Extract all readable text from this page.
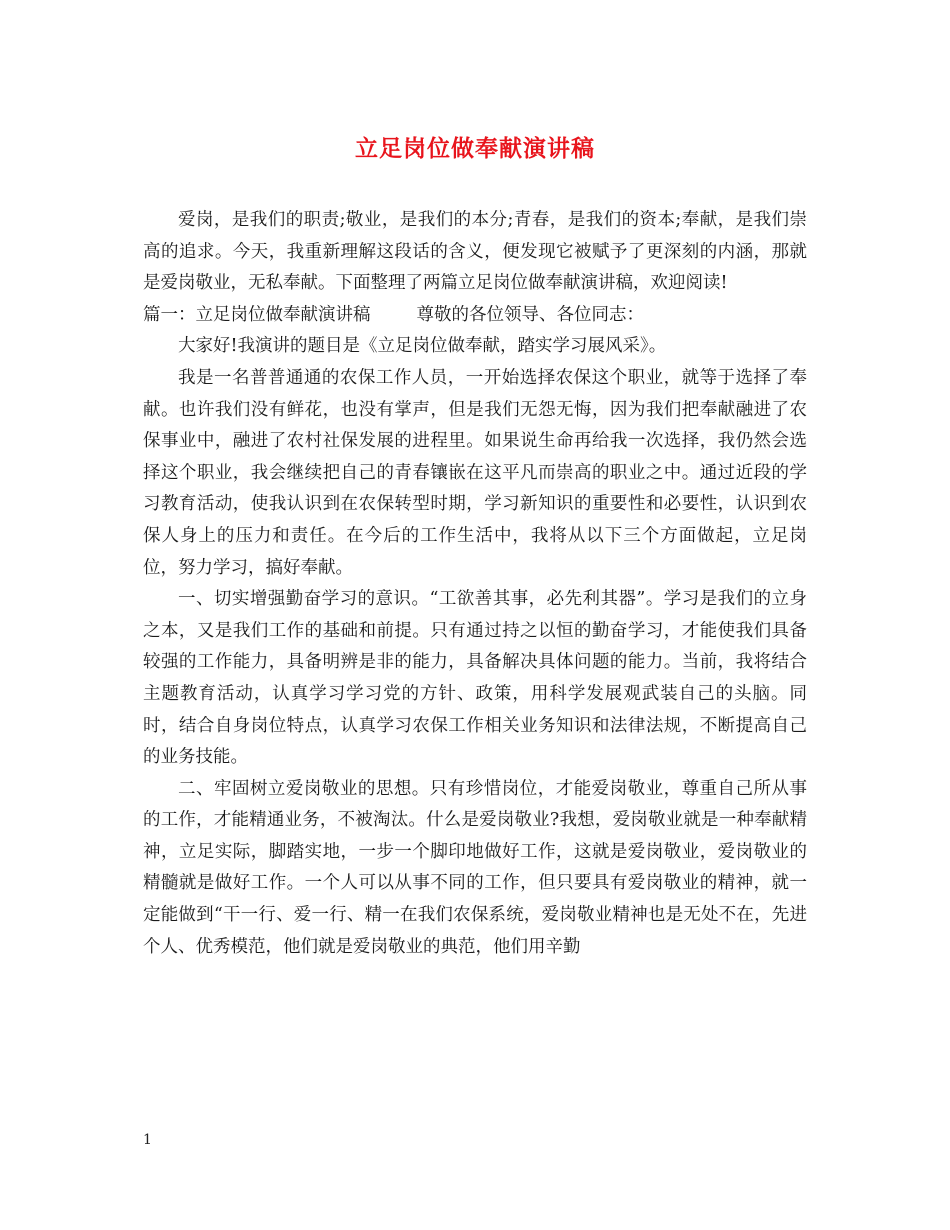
立足岗位做奉献演讲稿

爱岗，是我们的职责;敬业，是我们的本分;青春，是我们的资本;奉献，是我们崇高的追求。今天，我重新理解这段话的含义，便发现它被赋予了更深刻的内涵，那就是爱岗敬业，无私奉献。下面整理了两篇立足岗位做奉献演讲稿，欢迎阅读!

篇一：立足岗位做奉献演讲稿	尊敬的各位领导、各位同志：

大家好!我演讲的题目是《立足岗位做奉献，踏实学习展风采》。

我是一名普普通通的农保工作人员，一开始选择农保这个职业，就等于选择了奉献。也许我们没有鲜花，也没有掌声，但是我们无怨无悔，因为我们把奉献融进了农保事业中，融进了农村社保发展的进程里。如果说生命再给我一次选择，我仍然会选择这个职业，我会继续把自己的青春镶嵌在这平凡而崇高的职业之中。通过近段的学习教育活动，使我认识到在农保转型时期，学习新知识的重要性和必要性，认识到农保人身上的压力和责任。在今后的工作生活中，我将从以下三个方面做起，立足岗位，努力学习，搞好奉献。

一、切实增强勤奋学习的意识。“工欲善其事，必先利其器”。学习是我们的立身之本，又是我们工作的基础和前提。只有通过持之以恒的勤奋学习，才能使我们具备较强的工作能力，具备明辨是非的能力，具备解决具体问题的能力。当前，我将结合主题教育活动，认真学习学习党的方针、政策，用科学发展观武装自己的头脑。同时，结合自身岗位特点，认真学习农保工作相关业务知识和法律法规，不断提高自己的业务技能。

二、牢固树立爱岗敬业的思想。只有珍惜岗位，才能爱岗敬业，尊重自己所从事的工作，才能精通业务，不被淘汰。什么是爱岗敬业?我想，爱岗敬业就是一种奉献精神，立足实际，脚踏实地，一步一个脚印地做好工作，这就是爱岗敬业，爱岗敬业的精髓就是做好工作。一个人可以从事不同的工作，但只要具有爱岗敬业的精神，就一定能做到“干一行、爱一行、精一在我们农保系统，爱岗敬业精神也是无处不在，先进个人、优秀模范，他们就是爱岗敬业的典范，他们用辛勤

1
